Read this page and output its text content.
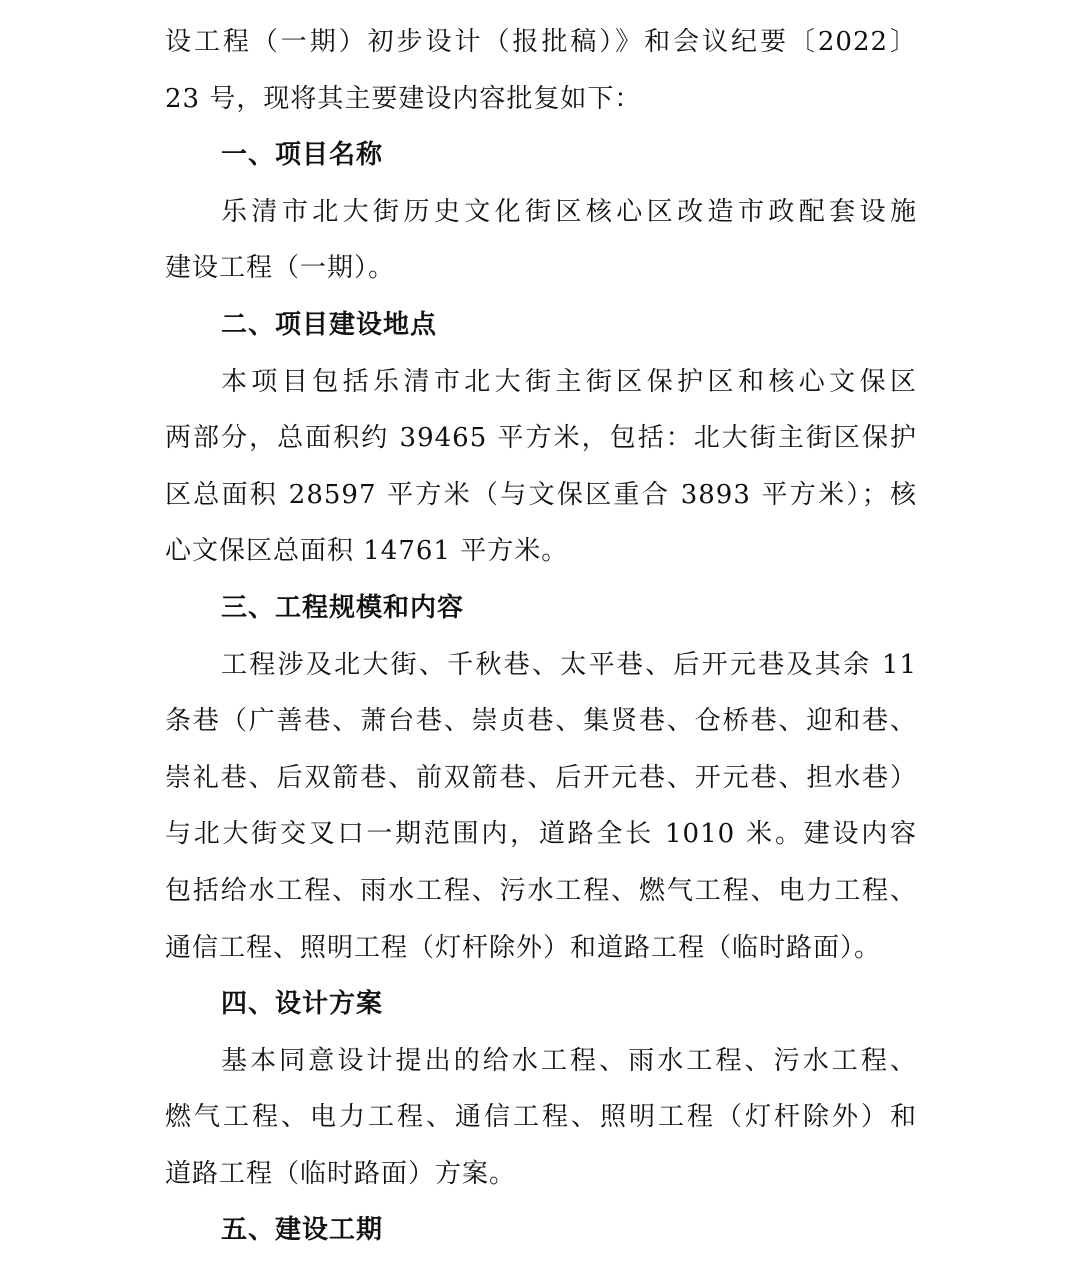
设工程（一期）初步设计（报批稿）》和会议纪要〔2022〕
23 号，现将其主要建设内容批复如下：
一、项目名称
乐清市北大街历史文化街区核心区改造市政配套设施
建设工程（一期）。
二、项目建设地点
本项目包括乐清市北大街主街区保护区和核心文保区
两部分，总面积约 39465 平方米，包括：北大街主街区保护
区总面积 28597 平方米（与文保区重合 3893 平方米）；核
心文保区总面积 14761 平方米。
三、工程规模和内容
工程涉及北大街、千秋巷、太平巷、后开元巷及其余 11
条巷（广善巷、萧台巷、崇贞巷、集贤巷、仓桥巷、迎和巷、
崇礼巷、后双箭巷、前双箭巷、后开元巷、开元巷、担水巷）
与北大街交叉口一期范围内，道路全长 1010 米。建设内容
包括给水工程、雨水工程、污水工程、燃气工程、电力工程、
通信工程、照明工程（灯杆除外）和道路工程（临时路面）。
四、设计方案
基本同意设计提出的给水工程、雨水工程、污水工程、
燃气工程、电力工程、通信工程、照明工程（灯杆除外）和
道路工程（临时路面）方案。
五、建设工期
